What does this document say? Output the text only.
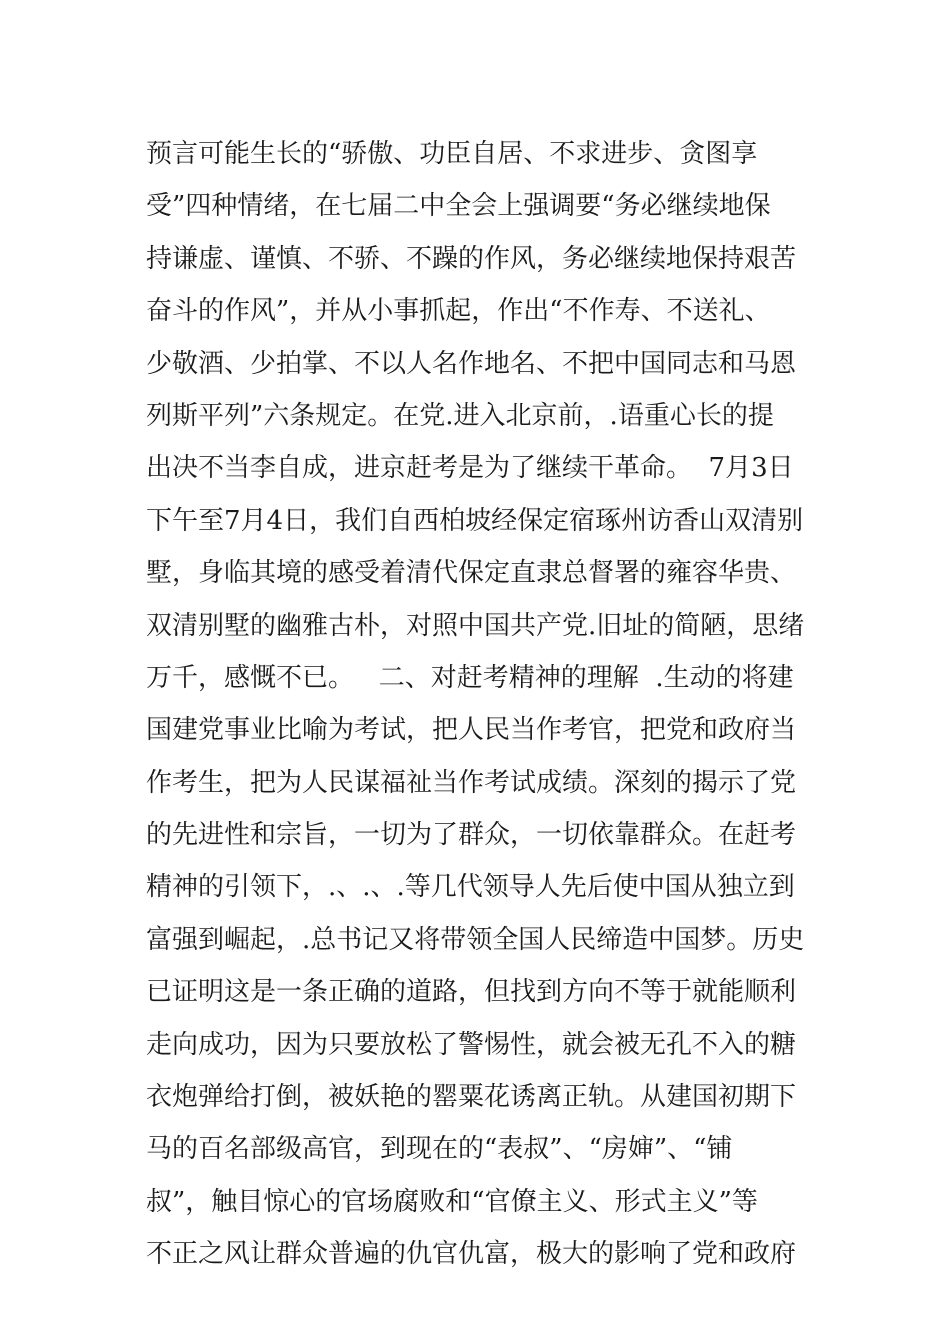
预言可能生长的“骄傲、功臣自居、不求进步、贪图享
受”四种情绪，在七届二中全会上强调要“务必继续地保
持谦虚、谨慎、不骄、不躁的作风，务必继续地保持艰苦
奋斗的作风”，并从小事抓起，作出“不作寿、不送礼、
少敬酒、少拍掌、不以人名作地名、不把中国同志和马恩
列斯平列”六条规定。在党.进入北京前，.语重心长的提
出决不当李自成，进京赶考是为了继续干革命。  7月3日
下午至7月4日，我们自西柏坡经保定宿琢州访香山双清别
墅，身临其境的感受着清代保定直隶总督署的雍容华贵、
双清别墅的幽雅古朴，对照中国共产党.旧址的简陋，思绪
万千，感慨不已。   二、对赶考精神的理解  .生动的将建
国建党事业比喻为考试，把人民当作考官，把党和政府当
作考生，把为人民谋福祉当作考试成绩。深刻的揭示了党
的先进性和宗旨，一切为了群众，一切依靠群众。在赶考
精神的引领下，.、.、.等几代领导人先后使中国从独立到
富强到崛起，.总书记又将带领全国人民缔造中国梦。历史
已证明这是一条正确的道路，但找到方向不等于就能顺利
走向成功，因为只要放松了警惕性，就会被无孔不入的糖
衣炮弹给打倒，被妖艳的罂粟花诱离正轨。从建国初期下
马的百名部级高官，到现在的“表叔”、“房婶”、“铺
叔”，触目惊心的官场腐败和“官僚主义、形式主义”等
不正之风让群众普遍的仇官仇富，极大的影响了党和政府
